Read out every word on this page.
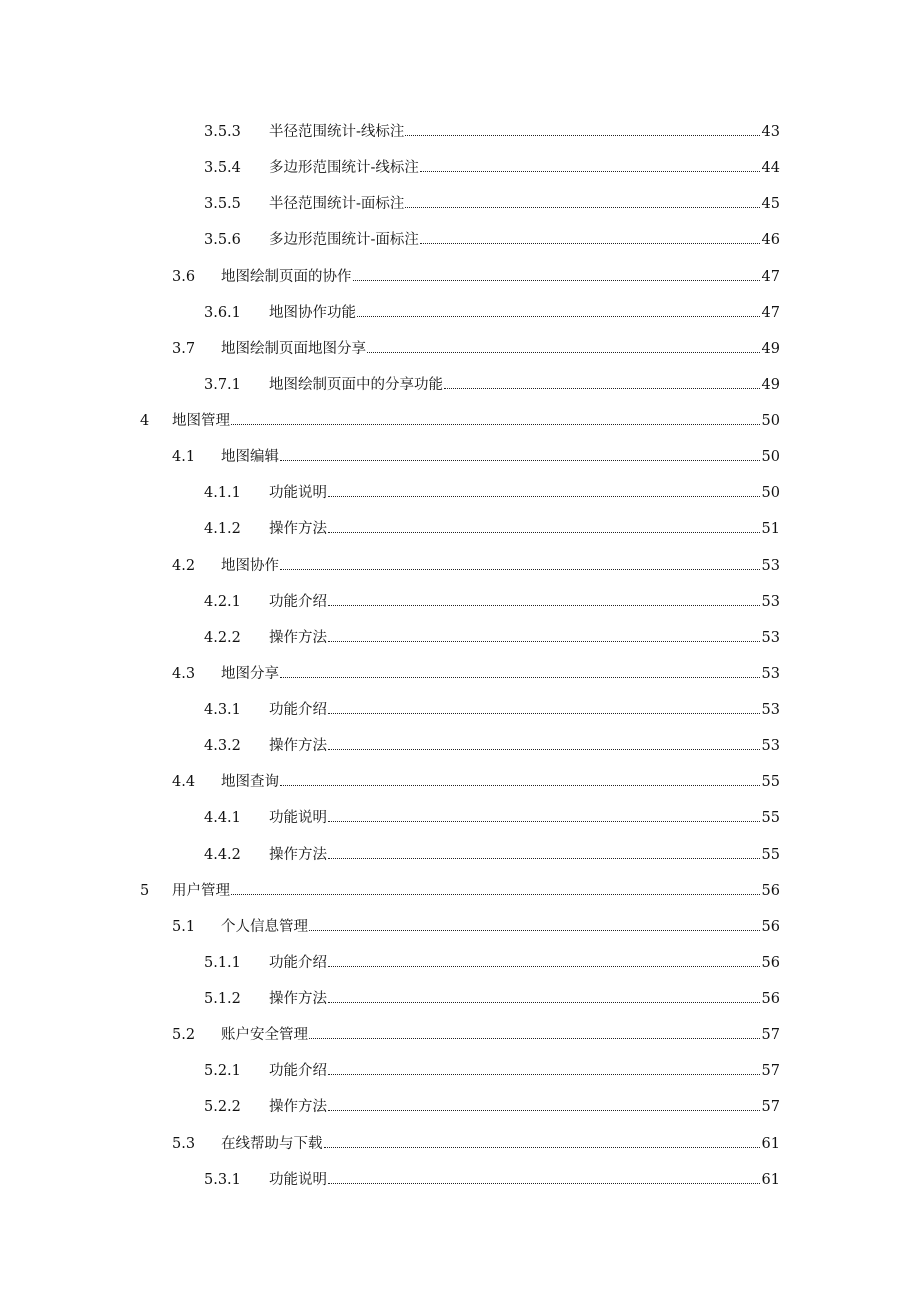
3.5.3	半径范围统计-线标注	43
3.5.4	多边形范围统计-线标注	44
3.5.5	半径范围统计-面标注	45
3.5.6	多边形范围统计-面标注	46
3.6	地图绘制页面的协作	47
3.6.1	地图协作功能	47
3.7	地图绘制页面地图分享	49
3.7.1	地图绘制页面中的分享功能	49
4	地图管理	50
4.1	地图编辑	50
4.1.1	功能说明	50
4.1.2	操作方法	51
4.2	地图协作	53
4.2.1	功能介绍	53
4.2.2	操作方法	53
4.3	地图分享	53
4.3.1	功能介绍	53
4.3.2	操作方法	53
4.4	地图查询	55
4.4.1	功能说明	55
4.4.2	操作方法	55
5	用户管理	56
5.1	个人信息管理	56
5.1.1	功能介绍	56
5.1.2	操作方法	56
5.2	账户安全管理	57
5.2.1	功能介绍	57
5.2.2	操作方法	57
5.3	在线帮助与下载	61
5.3.1	功能说明	61
